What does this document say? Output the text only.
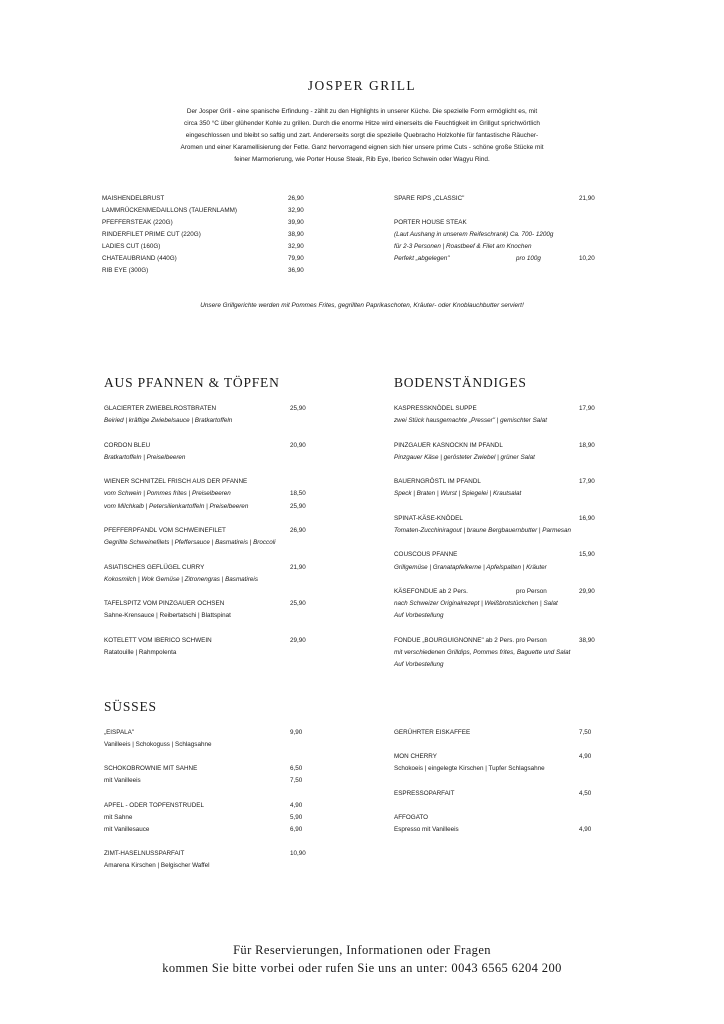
JOSPER GRILL
Der Josper Grill - eine spanische Erfindung - zählt zu den Highlights in unserer Küche. Die spezielle Form ermöglicht es, mit
circa 350 °C über glühender Kohle zu grillen. Durch die enorme Hitze wird einerseits die Feuchtigkeit im Grillgut sprichwörtlich
eingeschlossen und bleibt so saftig und zart. Andererseits sorgt die spezielle Quebracho Holzkohle für fantastische Räucher-
Aromen und einer Karamellisierung der Fette. Ganz hervorragend eignen sich hier unsere prime Cuts - schöne große Stücke mit
feiner Marmorierung, wie Porter House Steak, Rib Eye, Iberico Schwein oder Wagyu Rind.
MAISHENDELBRUST	26,90
LAMMRÜCKENMEDAILLONS (TAUERNLAMM)	32,90
PFEFFERSTEAK (220G)	39,90
RINDERFILET PRIME CUT (220G)	38,90
LADIES CUT (160G)	32,90
CHATEAUBRIAND (440G)	79,90
RIB EYE (300G)	36,90
SPARE RIPS „CLASSIC"	21,90
PORTER HOUSE STEAK
(Laut Aushang in unserem Reifeschrank) Ca. 700- 1200g
für 2-3 Personen | Roastbeef & Filet am Knochen
Perfekt „abgelegen"	pro 100g	10,20
Unsere Grillgerichte werden mit Pommes Frites, gegrillten Paprikaschoten, Kräuter- oder Knoblauchbutter serviert!
AUS PFANNEN & TÖPFEN
GLACIERTER ZWIEBELROSTBRATEN	25,90
Beiried | kräftige Zwiebelsauce | Bratkartoffeln
CORDON BLEU	20,90
Bratkartoffeln | Preiselbeeren
WIENER SCHNITZEL FRISCH AUS DER PFANNE
vom Schwein | Pommes frites | Preiselbeeren	18,50
vom Milchkalb | Petersilienkartoffeln | Preiselbeeren	25,90
PFEFFERPFANDL VOM SCHWEINEFILET	26,90
Gegrillte Schweinefilets | Pfeffersauce | Basmatireis | Broccoli
ASIATISCHES GEFLÜGEL CURRY	21,90
Kokosmilch | Wok Gemüse | Zitronengras | Basmatireis
TAFELSPITZ VOM PINZGAUER OCHSEN	25,90
Sahne-Krensauce | Reibertatschi | Blattspinat
KOTELETT VOM IBERICO SCHWEIN	29,90
Ratatouille | Rahmpolenta
BODENSTÄNDIGES
KASPRESSKNÖDEL SUPPE	17,90
zwei Stück hausgemachte „Presser" | gemischter Salat
PINZGAUER KASNOCKN IM PFANDL	18,90
Pinzgauer Käse | gerösteter Zwiebel | grüner Salat
BAUERNGRÖSTL IM PFANDL	17,90
Speck | Braten | Wurst | Spiegelei | Krautsalat
SPINAT-KÄSE-KNÖDEL	16,90
Tomaten-Zucchiniragout | braune Bergbauernbutter | Parmesan
COUSCOUS PFANNE	15,90
Grillgemüse | Granatapfelkerne | Apfelspalten | Kräuter
KÄSEFONDUE ab 2 Pers.	pro Person	29,90
nach Schweizer Originalrezept | Weißbrotstückchen | Salat
Auf Vorbestellung
FONDUE „BOURGUIGNONNE" ab 2 Pers. pro Person	38,90
mit verschiedenen Grilldips, Pommes frites, Baguette und Salat
Auf Vorbestellung
SÜSSES
„EISPALA"	9,90
Vanilleeis | Schokoguss | Schlagsahne
SCHOKOBROWNIE MIT SAHNE	6,50
mit Vanilleeis	7,50
APFEL - ODER TOPFENSTRUDEL	4,90
mit Sahne	5,90
mit Vanillesauce	6,90
ZIMT-HASELNUSSPARFAIT	10,90
Amarena Kirschen | Belgischer Waffel
GERÜHRTER EISKAFFEE	7,50
MON CHERRY	4,90
Schokoeis | eingelegte Kirschen | Tupfer Schlagsahne
ESPRESSOPARFAIT	4,50
AFFOGATO
Espresso mit Vanilleeis	4,90
Für Reservierungen, Informationen oder Fragen
kommen Sie bitte vorbei oder rufen Sie uns an unter: 0043 6565 6204 200
